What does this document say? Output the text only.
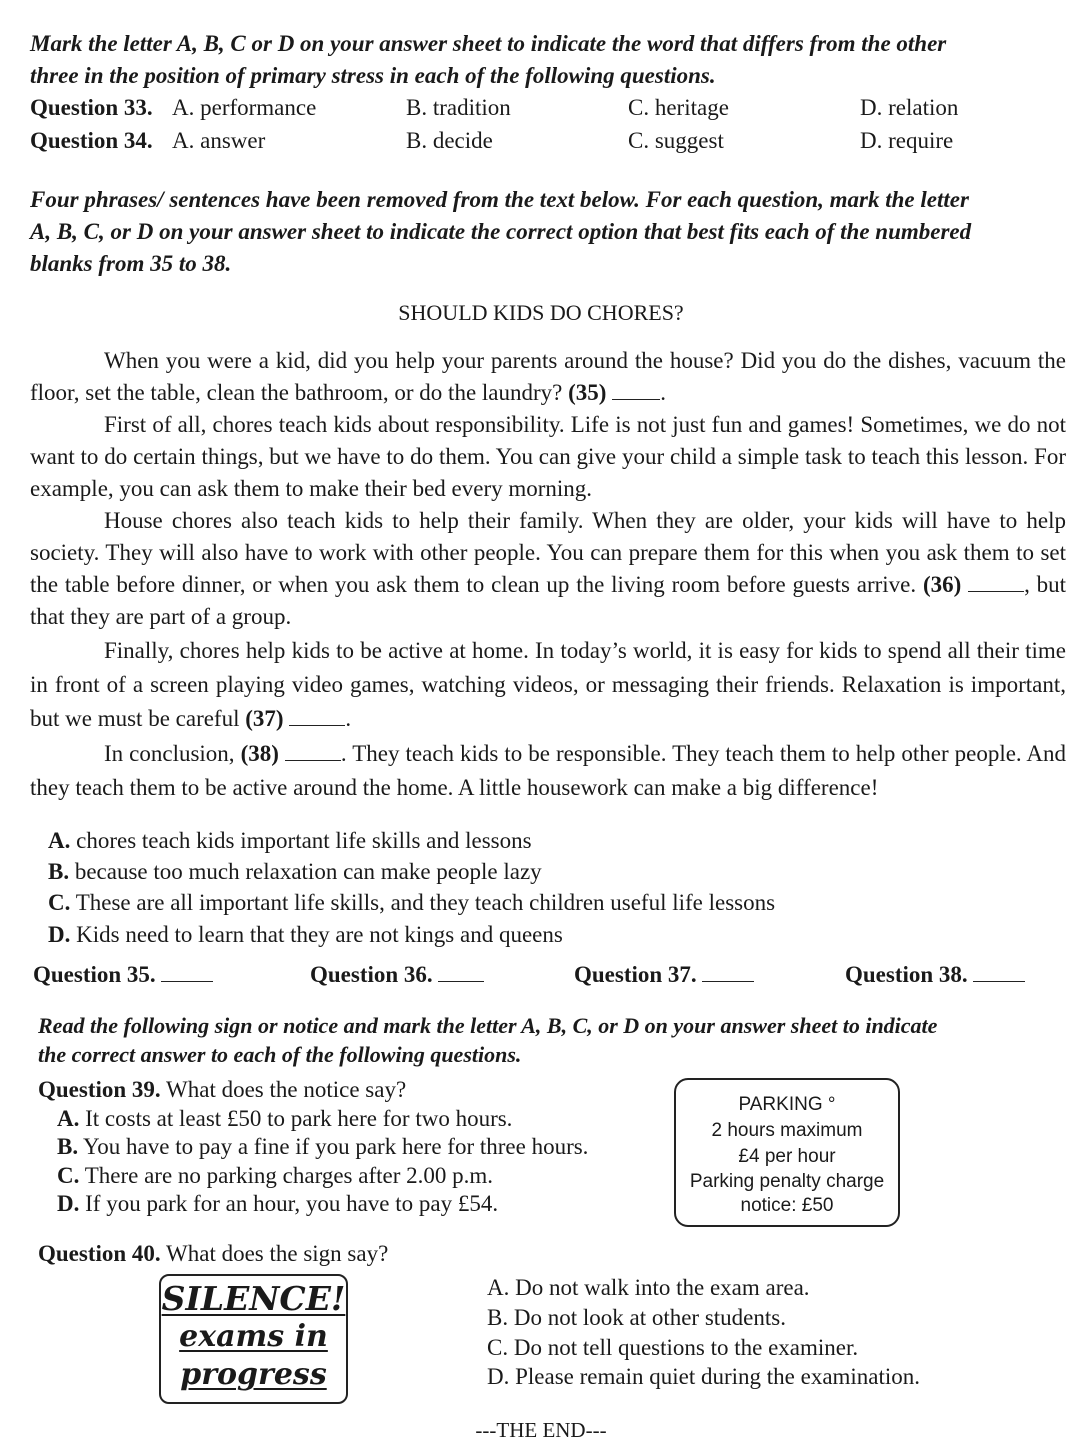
Mark the letter A, B, C or D on your answer sheet to indicate the word that differs from the other
three in the position of primary stress in each of the following questions.
Question 33. A. performance	B. tradition	C. heritage	D. relation
Question 34. A. answer	B. decide	C. suggest	D. require
Four phrases/ sentences have been removed from the text below. For each question, mark the letter
A, B, C, or D on your answer sheet to indicate the correct option that best fits each of the numbered
blanks from 35 to 38.
SHOULD KIDS DO CHORES?
When you were a kid, did you help your parents around the house? Did you do the dishes, vacuum the floor, set the table, clean the bathroom, or do the laundry? (35) .
First of all, chores teach kids about responsibility. Life is not just fun and games! Sometimes, we do not want to do certain things, but we have to do them. You can give your child a simple task to teach this lesson. For example, you can ask them to make their bed every morning.
House chores also teach kids to help their family. When they are older, your kids will have to help society. They will also have to work with other people. You can prepare them for this when you ask them to set the table before dinner, or when you ask them to clean up the living room before guests arrive. (36)	, but that they are part of a group.
Finally, chores help kids to be active at home. In today’s world, it is easy for kids to spend all their time in front of a screen playing video games, watching videos, or messaging their friends. Relaxation is important, but we must be careful (37)	.
In conclusion, (38)	. They teach kids to be responsible. They teach them to help other people. And they teach them to be active around the home. A little housework can make a big difference!
A. chores teach kids important life skills and lessons
B. because too much relaxation can make people lazy
C. These are all important life skills, and they teach children useful life lessons
D. Kids need to learn that they are not kings and queens
Question 35.	Question 36.	Question 37.	Question 38.
Read the following sign or notice and mark the letter A, B, C, or D on your answer sheet to indicate
the correct answer to each of the following questions.
Question 39. What does the notice say?
A. It costs at least £50 to park here for two hours.
B. You have to pay a fine if you park here for three hours.
C. There are no parking charges after 2.00 p.m.
D. If you park for an hour, you have to pay £54.
PARKING °
2 hours maximum
£4 per hour
Parking penalty charge
notice: £50
Question 40. What does the sign say?
A. Do not walk into the exam area.
B. Do not look at other students.
C. Do not tell questions to the examiner.
D. Please remain quiet during the examination.
SILENCE!
exams in
progress
---THE END---
